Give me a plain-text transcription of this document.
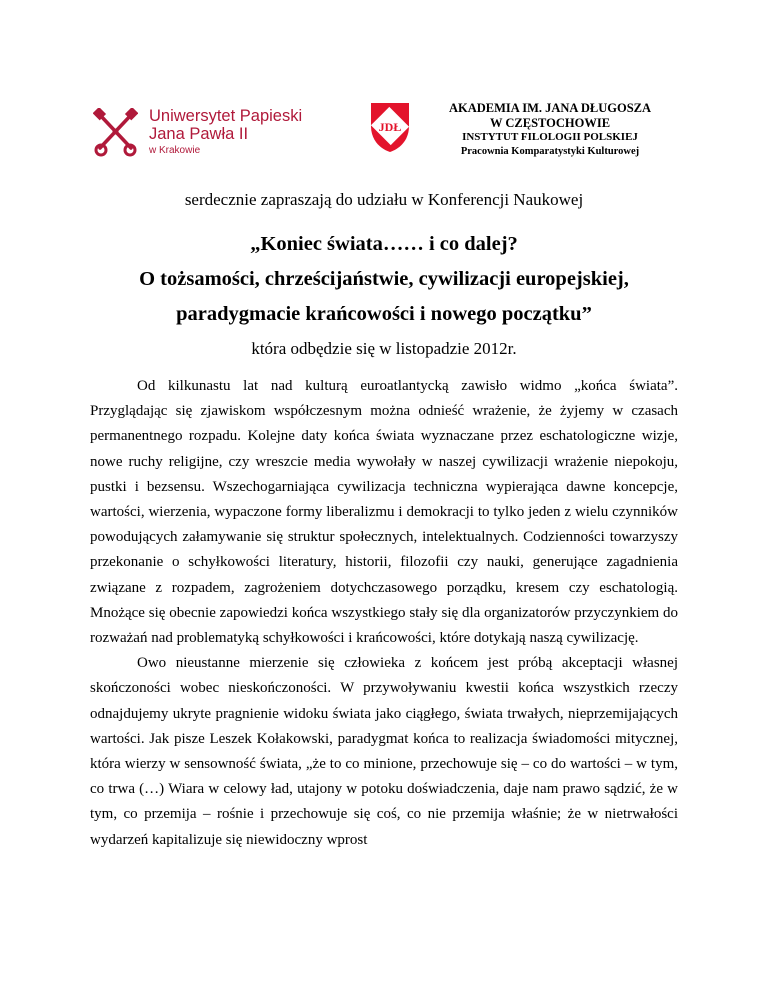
Uniwersytet Papieski
Jana Pawła II
w Krakowie
JDŁ
AKADEMIA IM. JANA DŁUGOSZA
W CZĘSTOCHOWIE
INSTYTUT FILOLOGII POLSKIEJ
Pracownia Komparatystyki Kulturowej
serdecznie zapraszają do udziału w Konferencji Naukowej
„Koniec świata…… i co dalej?
O tożsamości, chrześcijaństwie, cywilizacji europejskiej,
paradygmacie krańcowości i nowego początku”
która odbędzie się w listopadzie 2012r.

Od kilkunastu lat nad kulturą euroatlantycką zawisło widmo „końca świata”. Przyglądając się zjawiskom współczesnym można odnieść wrażenie, że żyjemy w czasach permanentnego rozpadu. Kolejne daty końca świata wyznaczane przez eschatologiczne wizje, nowe ruchy religijne, czy wreszcie media wywołały w naszej cywilizacji wrażenie niepokoju, pustki i bezsensu. Wszechogarniająca cywilizacja techniczna wypierająca dawne koncepcje, wartości, wierzenia, wypaczone formy liberalizmu i demokracji to tylko jeden z wielu czynników powodujących załamywanie się struktur społecznych, intelektualnych. Codzienności towarzyszy przekonanie o schyłkowości literatury, historii, filozofii czy nauki, generujące zagadnienia związane z rozpadem, zagrożeniem dotychczasowego porządku, kresem czy eschatologią. Mnożące się obecnie zapowiedzi końca wszystkiego stały się dla organizatorów przyczynkiem do rozważań nad problematyką schyłkowości i krańcowości, które dotykają naszą cywilizację.

Owo nieustanne mierzenie się człowieka z końcem jest próbą akceptacji własnej skończoności wobec nieskończoności. W przywoływaniu kwestii końca wszystkich rzeczy odnajdujemy ukryte pragnienie widoku świata jako ciągłego, świata trwałych, nieprzemijających wartości. Jak pisze Leszek Kołakowski, paradygmat końca to realizacja świadomości mitycznej, która wierzy w sensowność świata, „że to co minione, przechowuje się – co do wartości – w tym, co trwa (…) Wiara w celowy ład, utajony w potoku doświadczenia, daje nam prawo sądzić, że w tym, co przemija – rośnie i przechowuje się coś, co nie przemija właśnie; że w nietrwałości wydarzeń kapitalizuje się niewidoczny wprost
